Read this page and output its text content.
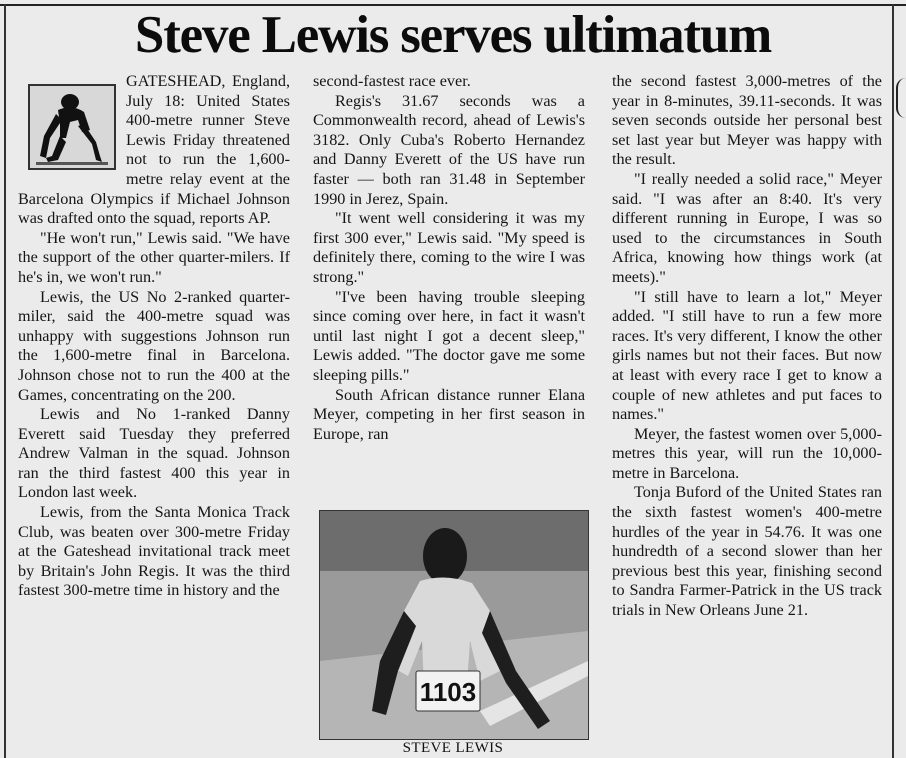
Steve Lewis serves ultimatum

GATESHEAD, England, July 18: United States 400-metre runner Steve Lewis Friday threatened not to run the 1,600-metre relay event at the Barcelona Olympics if Michael Johnson was drafted onto the squad, reports AP.

"He won't run," Lewis said. "We have the support of the other quarter-milers. If he's in, we won't run."

Lewis, the US No 2-ranked quarter-miler, said the 400-metre squad was unhappy with suggestions Johnson run the 1,600-metre final in Barcelona. Johnson chose not to run the 400 at the Games, concentrating on the 200.

Lewis and No 1-ranked Danny Everett said Tuesday they preferred Andrew Valman in the squad. Johnson ran the third fastest 400 this year in London last week.

Lewis, from the Santa Monica Track Club, was beaten over 300-metre Friday at the Gateshead invitational track meet by Britain's John Regis. It was the third fastest 300-metre time in history and the

second-fastest race ever.

Regis's 31.67 seconds was a Commonwealth record, ahead of Lewis's 3182. Only Cuba's Roberto Hernandez and Danny Everett of the US have run faster — both ran 31.48 in September 1990 in Jerez, Spain.

"It went well considering it was my first 300 ever," Lewis said. "My speed is definitely there, coming to the wire I was strong."

"I've been having trouble sleeping since coming over here, in fact it wasn't until last night I got a decent sleep," Lewis added. "The doctor gave me some sleeping pills."

South African distance runner Elana Meyer, competing in her first season in Europe, ran

1103
STEVE LEWIS

the second fastest 3,000-metres of the year in 8-minutes, 39.11-seconds. It was seven seconds outside her personal best set last year but Meyer was happy with the result.

"I really needed a solid race," Meyer said. "I was after an 8:40. It's very different running in Europe, I was so used to the circumstances in South Africa, knowing how things work (at meets)."

"I still have to learn a lot," Meyer added. "I still have to run a few more races. It's very different, I know the other girls names but not their faces. But now at least with every race I get to know a couple of new athletes and put faces to names."

Meyer, the fastest women over 5,000-metres this year, will run the 10,000-metre in Barcelona.

Tonja Buford of the United States ran the sixth fastest women's 400-metre hurdles of the year in 54.76. It was one hundredth of a second slower than her previous best this year, finishing second to Sandra Farmer-Patrick in the US track trials in New Orleans June 21.
